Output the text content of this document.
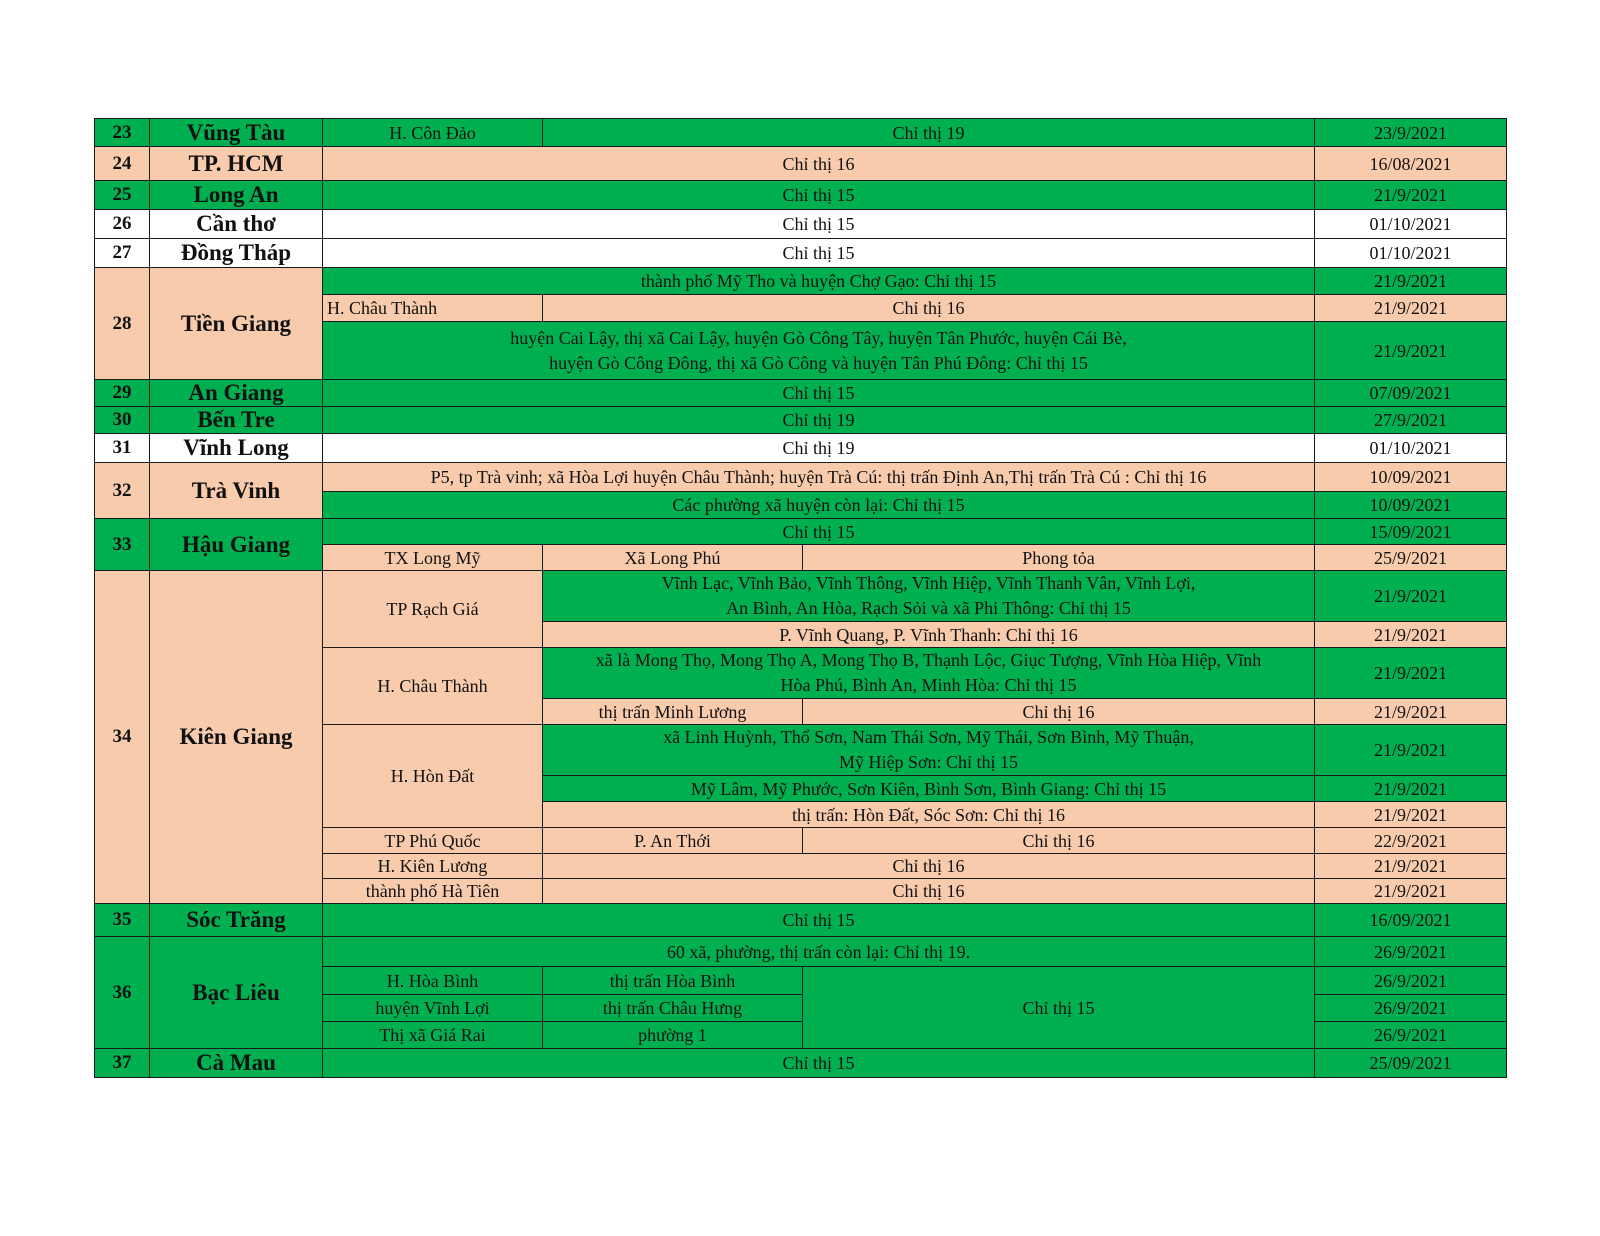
23	Vũng Tàu	H. Côn Đảo	Chỉ thị 19		23/9/2021
24	TP. HCM	Chỉ thị 16			16/08/2021
25	Long An	Chỉ thị 15			21/9/2021
26	Cần thơ	Chỉ thị 15			01/10/2021
27	Đồng Tháp	Chỉ thị 15			01/10/2021
28	Tiền Giang	thành phố Mỹ Tho và huyện Chợ Gạo: Chỉ thị 15			21/9/2021
		H. Châu Thành	Chỉ thị 16		21/9/2021

		huyện Cai Lậy, thị xã Cai Lậy, huyện Gò Công Tây, huyện Tân Phước, huyện Cái Bè,
huyện Gò Công Đông, thị xã Gò Công và huyện Tân Phú Đông: Chỉ thị 15			21/9/2021
29	An Giang	Chỉ thị 15			07/09/2021
30	Bến Tre	Chỉ thị 19			27/9/2021
31	Vĩnh Long	Chỉ thị 19			01/10/2021
32	Trà Vinh	P5, tp Trà vinh; xã Hòa Lợi huyện Châu Thành; huyện Trà Cú: thị trấn Định An,Thị trấn Trà Cú : Chỉ thị 16			10/09/2021
		Các phường xã huyện còn lại: Chỉ thị 15			10/09/2021
33	Hậu Giang	Chỉ thị 15			15/09/2021
		TX Long Mỹ	Xã Long Phú	Phong tỏa	25/9/2021
34	Kiên Giang	TP Rạch Giá	Vĩnh Lạc, Vĩnh Bảo, Vĩnh Thông, Vĩnh Hiệp, Vĩnh Thanh Vân, Vĩnh Lợi,
An Bình, An Hòa, Rạch Sỏi và xã Phi Thông: Chỉ thị 15		21/9/2021
			P. Vĩnh Quang, P. Vĩnh Thanh: Chỉ thị 16		21/9/2021
		H. Châu Thành	xã là Mong Thọ, Mong Thọ A, Mong Thọ B, Thạnh Lộc, Giục Tượng, Vĩnh Hòa Hiệp, Vĩnh
Hòa Phú, Bình An, Minh Hòa: Chỉ thị 15		21/9/2021
			thị trấn Minh Lương	Chỉ thị 16	21/9/2021
		H. Hòn Đất	xã Linh Huỳnh, Thổ Sơn, Nam Thái Sơn, Mỹ Thái, Sơn Bình, Mỹ Thuận,
Mỹ Hiệp Sơn: Chỉ thị 15		21/9/2021
			Mỹ Lâm, Mỹ Phước, Sơn Kiên, Bình Sơn, Bình Giang: Chỉ thị 15		21/9/2021
			thị trấn: Hòn Đất, Sóc Sơn: Chỉ thị 16		21/9/2021
		TP Phú Quốc	P. An Thới	Chỉ thị 16	22/9/2021
		H. Kiên Lương	Chỉ thị 16		21/9/2021
		thành phố Hà Tiên	Chỉ thị 16		21/9/2021
35	Sóc Trăng	Chỉ thị 15			16/09/2021
36	Bạc Liêu	60 xã, phường, thị trấn còn lại: Chỉ thị 19.			26/9/2021
		H. Hòa Bình	thị trấn Hòa Bình	Chỉ thị 15	26/9/2021
		huyện Vĩnh Lợi	thị trấn Châu Hưng		26/9/2021
		Thị xã Giá Rai	phường 1		26/9/2021
37	Cà Mau	Chỉ thị 15			25/09/2021
